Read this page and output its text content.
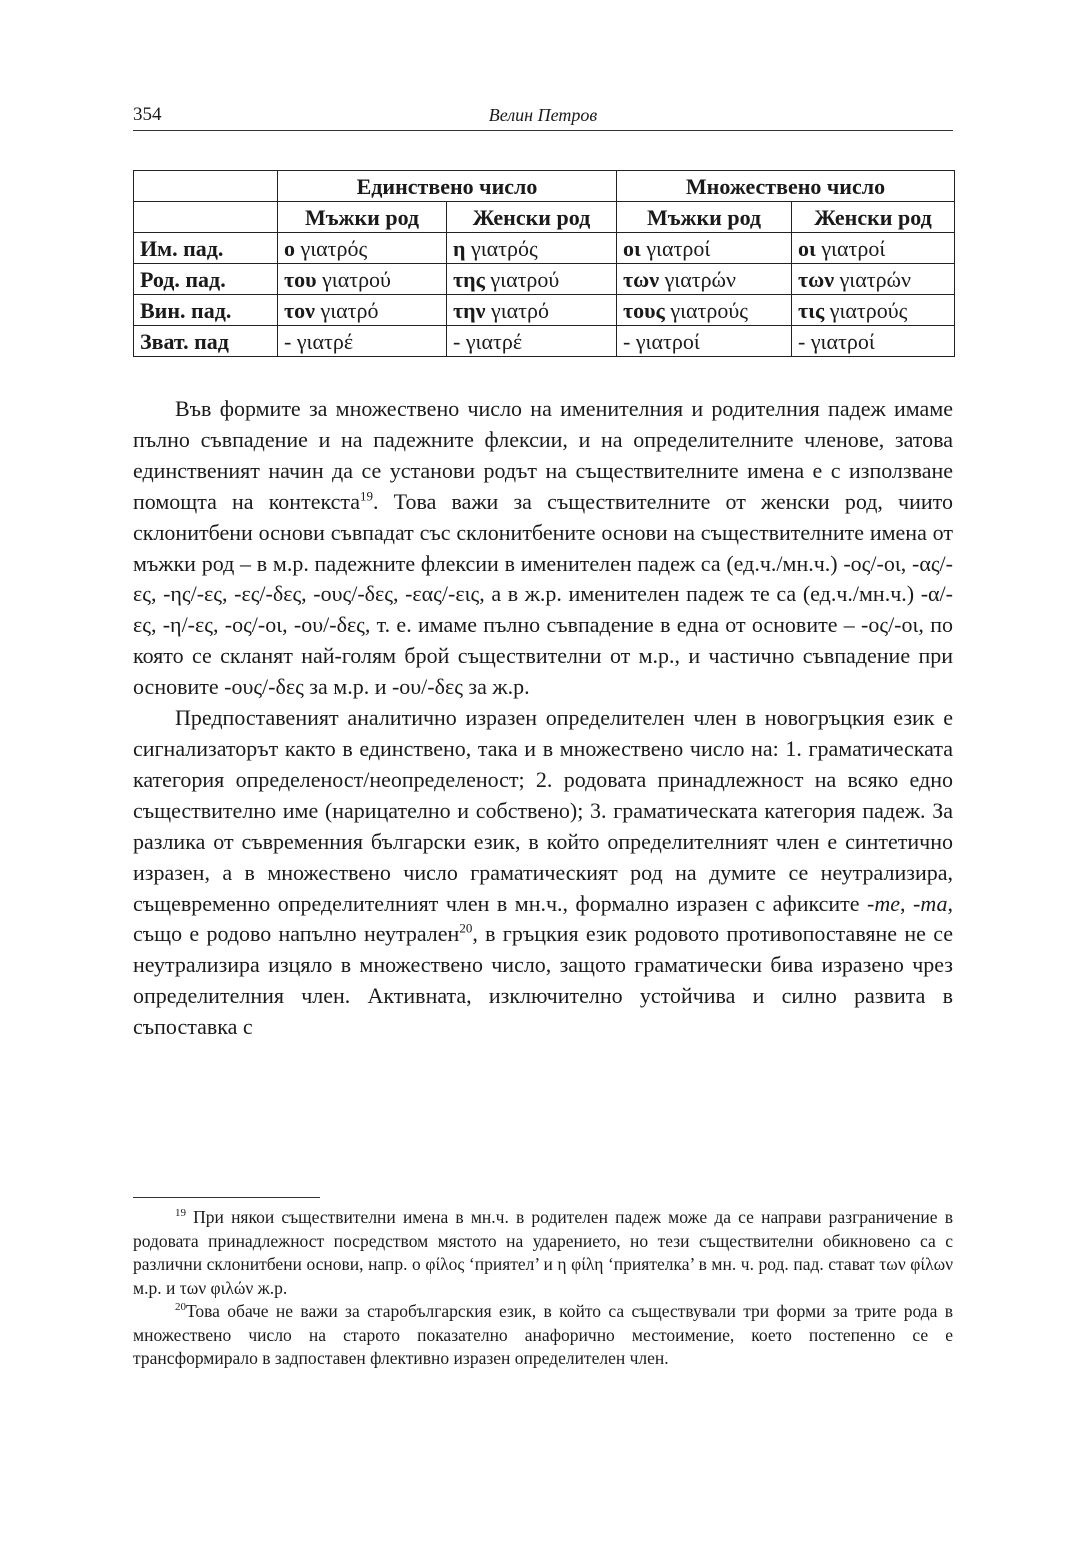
354	Велин Петров
	Единствено число		Множествено число	
	Мъжки род	Женски род	Мъжки род	Женски род
Им. пад.	ο γιατρός	η γιατρός	οι γιατροί	οι γιατροί
Род. пад.	του γιατρού	της γιατρού	των γιατρών	των γιατρών
Вин. пад.	τον γιατρό	την γιατρό	τους γιατρούς	τις γιατρούς
Зват. пад	- γιατρέ	- γιατρέ	- γιατροί	- γιατροί

Във формите за множествено число на именителния и родителния падеж имаме пълно съвпадение и на падежните флексии, и на определителните членове, затова единственият начин да се установи родът на съществителните имена е с използване помощта на контекста$^{19}$. Това важи за съществителните от женски род, чиито склонитбени основи съвпадат със склонитбените основи на съществителните имена от мъжки род – в м.р. падежните флексии в именителен падеж са (ед.ч./мн.ч.) -ος/-οι, -ας/-ες, -ης/-ες, -ες/-δες, -ους/-δες, -εας/-εις, а в ж.р. именителен падеж те са (ед.ч./мн.ч.) -α/-ες, -η/-ες, -ος/-οι, -ου/-δες, т. е. имаме пълно съвпадение в една от основите – -ος/-οι, по която се скланят най-голям брой съществителни от м.р., и частично съвпадение при основите -ους/-δες за м.р. и -ου/-δες за ж.р.

Предпоставеният аналитично изразен определителен член в новогръцкия език е сигнализаторът както в единствено, така и в множествено число на: 1. граматическата категория определеност/неопределеност; 2. родовата принадлежност на всяко едно съществително име (нарицателно и собствено); 3. граматическата категория падеж. За разлика от съвременния български език, в който определителният член е синтетично изразен, а в множествено число граматическият род на думите се неутрализира, същевременно определителният член в мн.ч., формално изразен с афиксите -те, -та, също е родово напълно неутрален$^{20}$, в гръцкия език родовото противопоставяне не се неутрализира изцяло в множествено число, защото граматически бива изразено чрез определителния член. Активната, изключително устойчива и силно развита в съпоставка с

$^{19}$ При някои съществителни имена в мн.ч. в родителен падеж може да се направи разграничение в родовата принадлежност посредством мястото на ударението, но тези съществителни обикновено са с различни склонитбени основи, напр. ο φίλος ‘приятел’ и η φίλη ‘приятелка’ в мн. ч. род. пад. стават των φίλων м.р. и των φιλών ж.р.

$^{20}$Това обаче не важи за старобългарския език, в който са съществували три форми за трите рода в множествено число на старото показателно анафорично местоимение, което постепенно се е трансформирало в задпоставен флективно изразен определителен член.
